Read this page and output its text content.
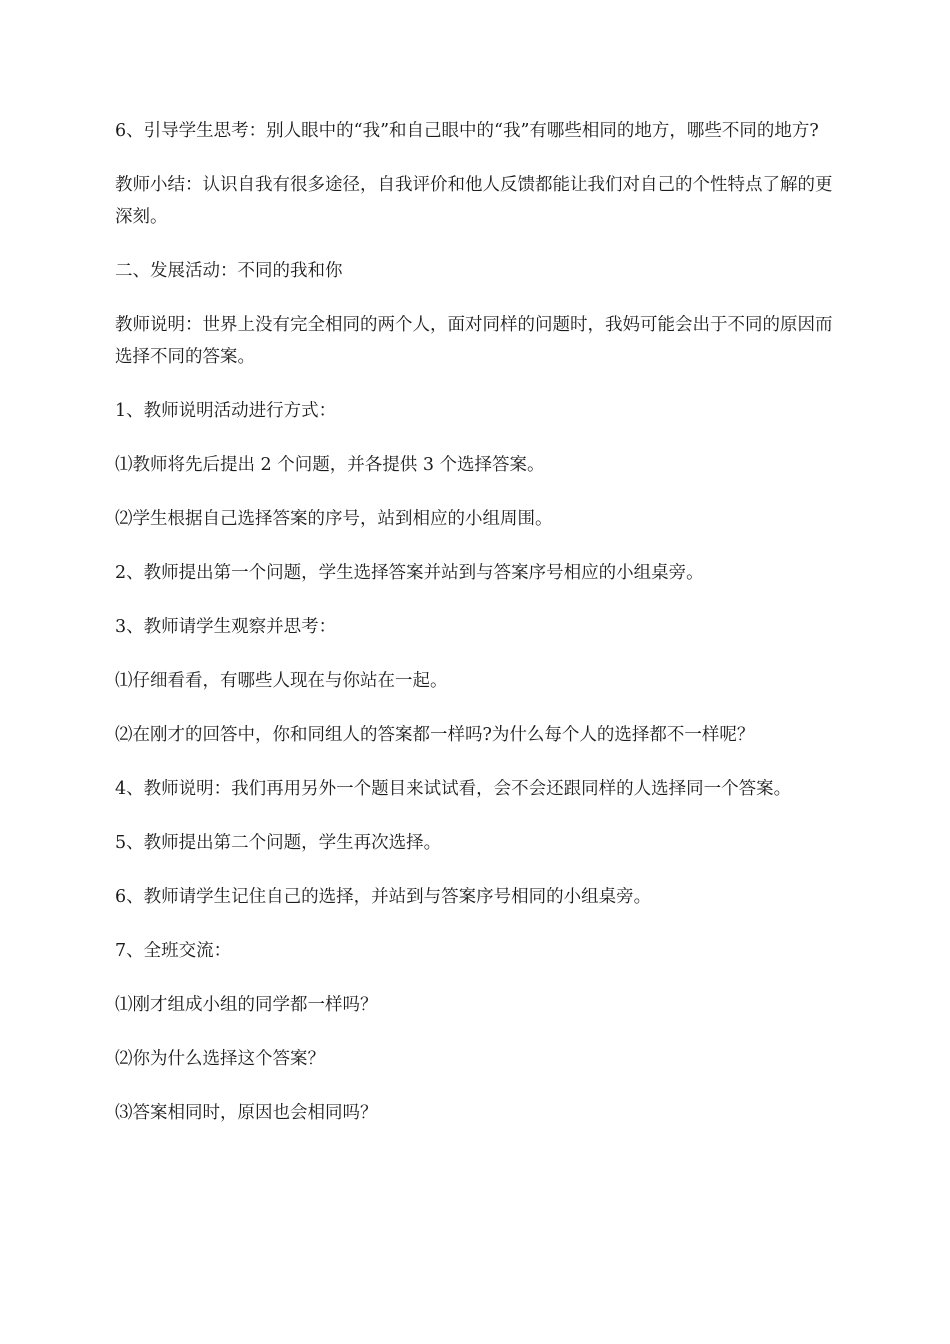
6、引导学生思考：别人眼中的“我”和自己眼中的“我”有哪些相同的地方，哪些不同的地方?

教师小结：认识自我有很多途径，自我评价和他人反馈都能让我们对自己的个性特点了解的更深刻。

二、发展活动：不同的我和你

教师说明：世界上没有完全相同的两个人，面对同样的问题时，我妈可能会出于不同的原因而选择不同的答案。

1、教师说明活动进行方式：

⑴教师将先后提出 2 个问题，并各提供 3 个选择答案。

⑵学生根据自己选择答案的序号，站到相应的小组周围。

2、教师提出第一个问题，学生选择答案并站到与答案序号相应的小组桌旁。

3、教师请学生观察并思考：

⑴仔细看看，有哪些人现在与你站在一起。

⑵在刚才的回答中，你和同组人的答案都一样吗?为什么每个人的选择都不一样呢？

4、教师说明：我们再用另外一个题目来试试看，会不会还跟同样的人选择同一个答案。

5、教师提出第二个问题，学生再次选择。

6、教师请学生记住自己的选择，并站到与答案序号相同的小组桌旁。

7、全班交流：

⑴刚才组成小组的同学都一样吗？

⑵你为什么选择这个答案？

⑶答案相同时，原因也会相同吗？
